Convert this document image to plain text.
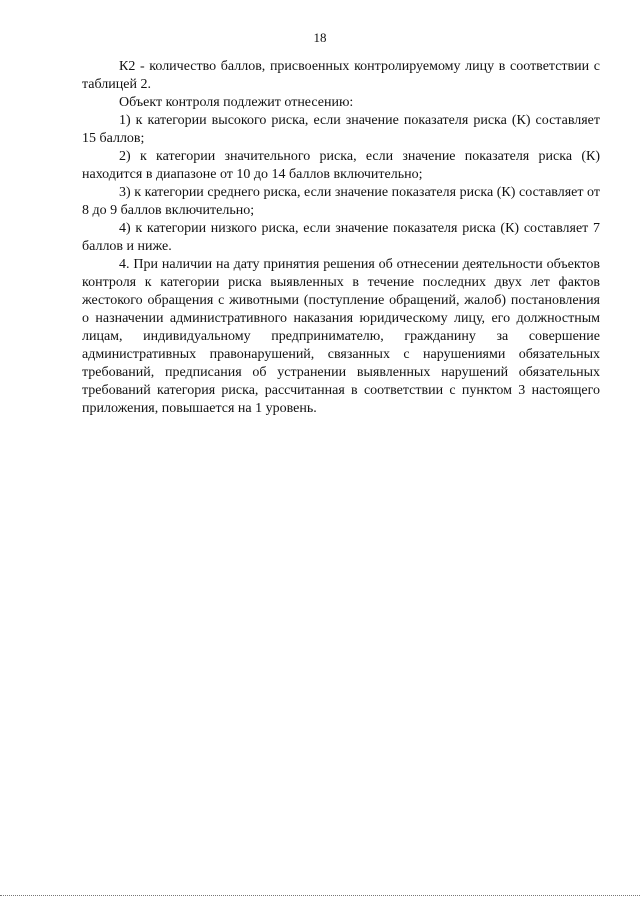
18

К2 - количество баллов, присвоенных контролируемому лицу в соответствии с таблицей 2.

Объект контроля подлежит отнесению:

1) к категории высокого риска, если значение показателя риска (К) составляет 15 баллов;

2) к категории значительного риска, если значение показателя риска (К) находится в диапазоне от 10 до 14 баллов включительно;

3) к категории среднего риска, если значение показателя риска (К) составляет от 8 до 9 баллов включительно;

4) к категории низкого риска, если значение показателя риска (К) составляет 7 баллов и ниже.

4. При наличии на дату принятия решения об отнесении деятельности объектов контроля к категории риска выявленных в течение последних двух лет фактов жестокого обращения с животными (поступление обращений, жалоб) постановления о назначении административного наказания юридическому лицу, его должностным лицам, индивидуальному предпринимателю, гражданину за совершение административных правонарушений, связанных с нарушениями обязательных требований, предписания об устранении выявленных нарушений обязательных требований категория риска, рассчитанная в соответствии с пунктом 3 настоящего приложения, повышается на 1 уровень.
